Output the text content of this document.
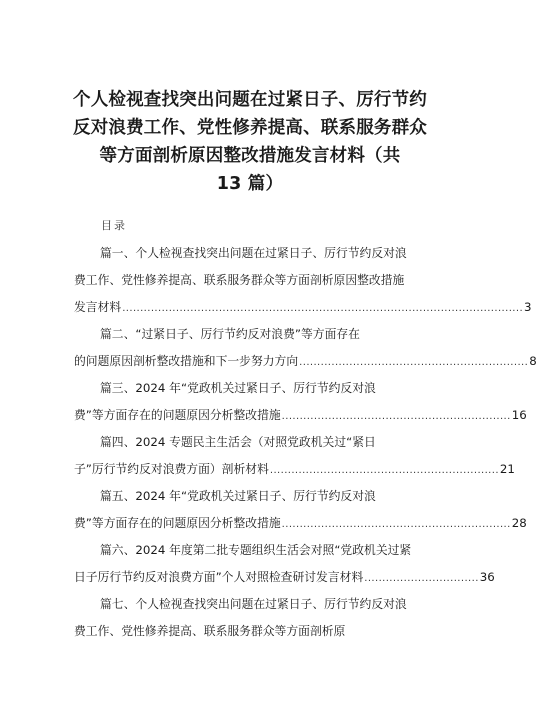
个人检视查找突出问题在过紧日子、厉行节约
反对浪费工作、党性修养提高、联系服务群众
等方面剖析原因整改措施发言材料（共
13 篇）
目录
篇一、个人检视查找突出问题在过紧日子、厉行节约反对浪
费工作、党性修养提高、联系服务群众等方面剖析原因整改措施
发言材料 ................................................................................................................ 3
篇二、“过紧日子、厉行节约反对浪费”等方面存在
的问题原因剖析整改措施和下一步努力方向 ................................................................ 8
篇三、2024 年“党政机关过紧日子、厉行节约反对浪
费”等方面存在的问题原因分析整改措施 ................................................................ 16
篇四、2024 专题民主生活会（对照党政机关过“紧日
子”厉行节约反对浪费方面）剖析材料 ................................................................ 21
篇五、2024 年“党政机关过紧日子、厉行节约反对浪
费”等方面存在的问题原因分析整改措施 ................................................................ 28
篇六、2024 年度第二批专题组织生活会对照“党政机关过紧
日子厉行节约反对浪费方面”个人对照检查研讨发言材料 ................................ 36
篇七、个人检视查找突出问题在过紧日子、厉行节约反对浪
费工作、党性修养提高、联系服务群众等方面剖析原
